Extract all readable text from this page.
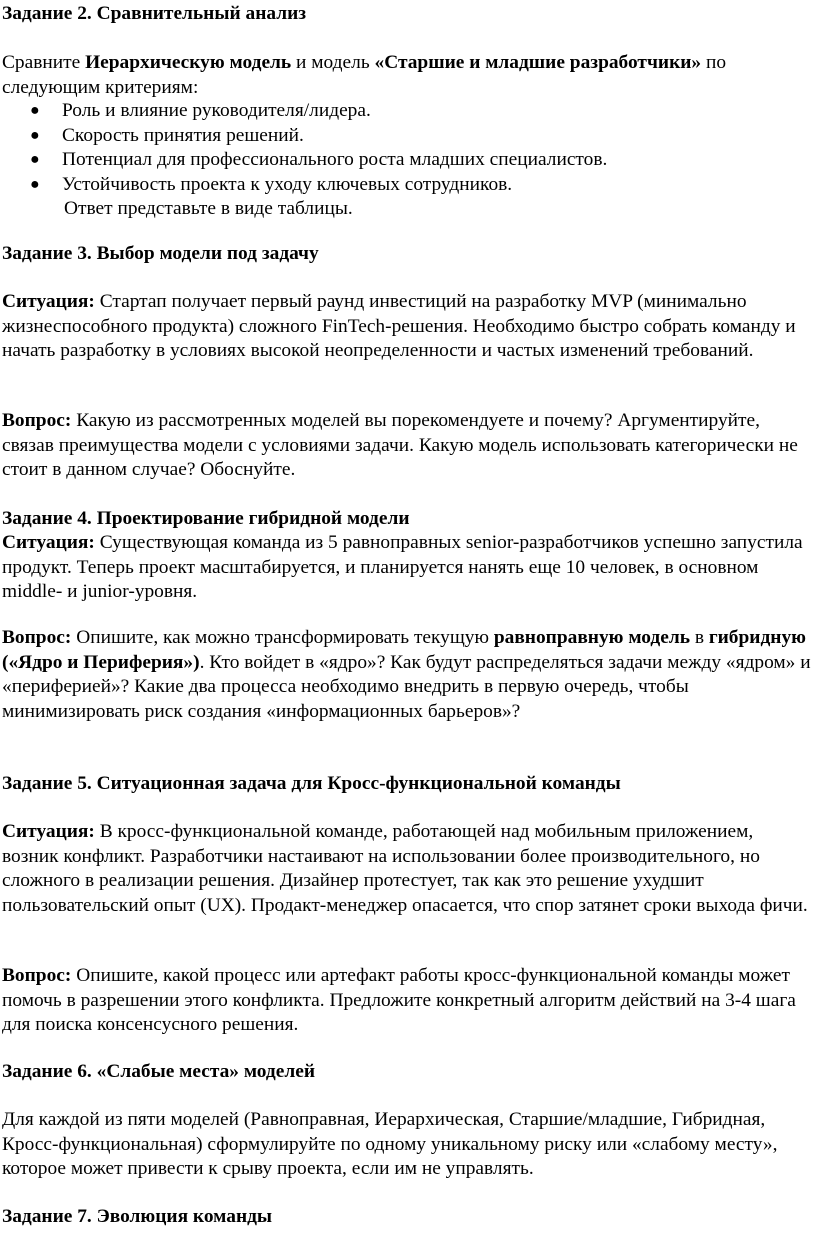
Задание 2. Сравнительный анализ

Сравните Иерархическую модель и модель «Старшие и младшие разработчики» по следующим критериям:

● Роль и влияние руководителя/лидера.
● Скорость принятия решений.
● Потенциал для профессионального роста младших специалистов.
● Устойчивость проекта к уходу ключевых сотрудников.

Ответ представьте в виде таблицы.

Задание 3. Выбор модели под задачу

Ситуация: Стартап получает первый раунд инвестиций на разработку MVP (минимально жизнеспособного продукта) сложного FinTech-решения. Необходимо быстро собрать команду и начать разработку в условиях высокой неопределенности и частых изменений требований.

Вопрос: Какую из рассмотренных моделей вы порекомендуете и почему? Аргументируйте, связав преимущества модели с условиями задачи. Какую модель использовать категорически не стоит в данном случае? Обоснуйте.

Задание 4. Проектирование гибридной модели

Ситуация: Существующая команда из 5 равноправных senior-разработчиков успешно запустила продукт. Теперь проект масштабируется, и планируется нанять еще 10 человек, в основном middle- и junior-уровня.

Вопрос: Опишите, как можно трансформировать текущую равноправную модель в гибридную («Ядро и Периферия»). Кто войдет в «ядро»? Как будут распределяться задачи между «ядром» и «периферией»? Какие два процесса необходимо внедрить в первую очередь, чтобы минимизировать риск создания «информационных барьеров»?

Задание 5. Ситуационная задача для Кросс-функциональной команды

Ситуация: В кросс-функциональной команде, работающей над мобильным приложением, возник конфликт. Разработчики настаивают на использовании более производительного, но сложного в реализации решения. Дизайнер протестует, так как это решение ухудшит пользовательский опыт (UX). Продакт-менеджер опасается, что спор затянет сроки выхода фичи.

Вопрос: Опишите, какой процесс или артефакт работы кросс-функциональной команды может помочь в разрешении этого конфликта. Предложите конкретный алгоритм действий на 3-4 шага для поиска консенсусного решения.

Задание 6. «Слабые места» моделей

Для каждой из пяти моделей (Равноправная, Иерархическая, Старшие/младшие, Гибридная, Кросс-функциональная) сформулируйте по одному уникальному риску или «слабому месту», которое может привести к срыву проекта, если им не управлять.

Задание 7. Эволюция команды
